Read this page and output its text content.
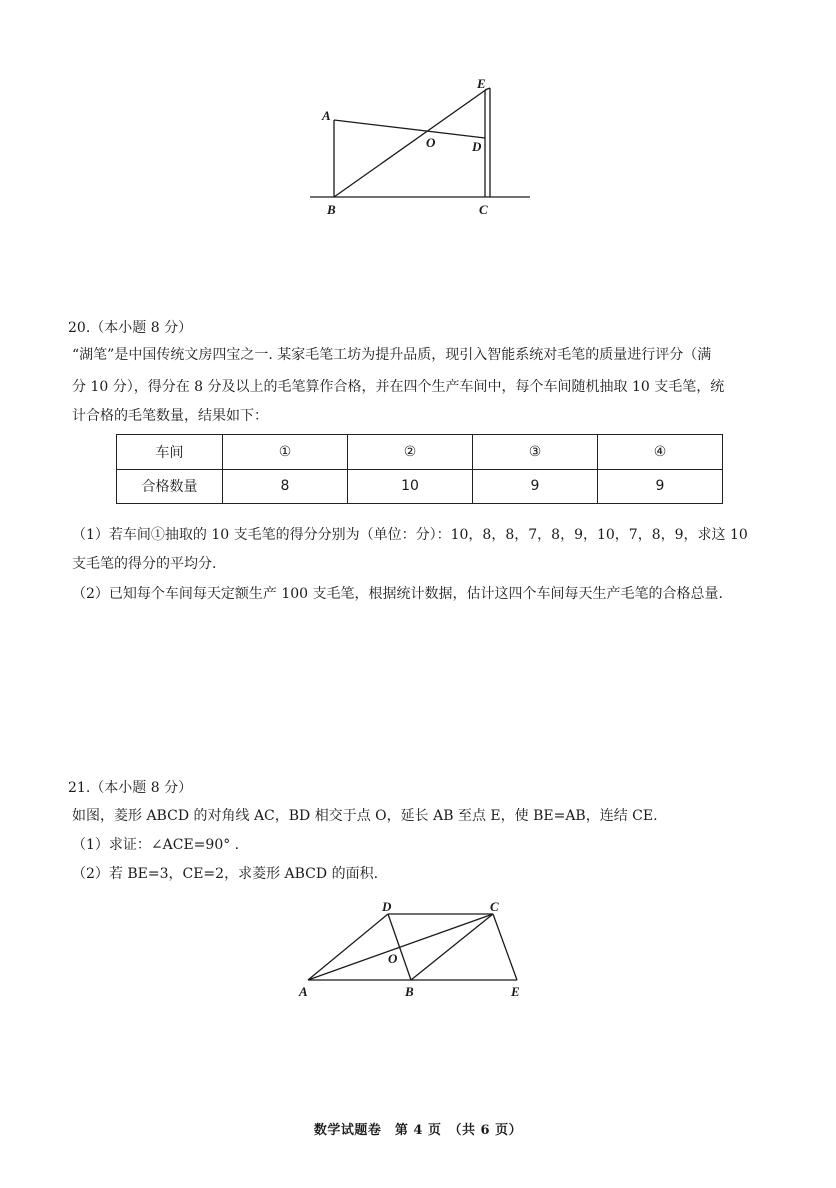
A
B	C
D
E
O
20.（本小题 8 分）
“湖笔”是中国传统文房四宝之一. 某家毛笔工坊为提升品质，现引入智能系统对毛笔的质量进行评分（满
分 10 分），得分在 8 分及以上的毛笔算作合格，并在四个生产车间中，每个车间随机抽取 10 支毛笔，统
计合格的毛笔数量，结果如下：
车间	①	②	③	④
合格数量	8	10	9	9
（1）若车间①抽取的 10 支毛笔的得分分别为（单位：分）：10，8，8，7，8，9，10，7，8，9，求这 10
支毛笔的得分的平均分.
（2）已知每个车间每天定额生产 100 支毛笔，根据统计数据，估计这四个车间每天生产毛笔的合格总量.
21.（本小题 8 分）
如图，菱形 ABCD 的对角线 AC，BD 相交于点 O，延长 AB 至点 E，使 BE=AB，连结 CE.
（1）求证：∠ACE=90° .
（2）若 BE=3，CE=2，求菱形 ABCD 的面积.
A	B
C
D
E
O
数学试题卷　第 4 页　（共 6 页）
